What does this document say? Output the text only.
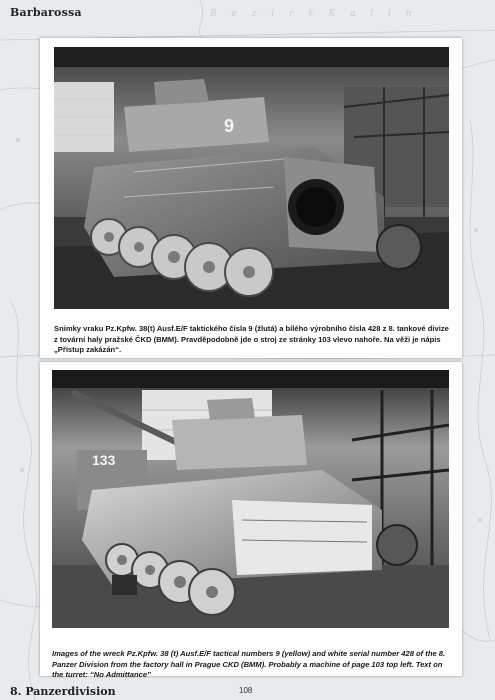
B e z i r k K a l i n
Barbarossa
9
Snímky vraku Pz.Kpfw. 38(t) Ausf.E/F taktického čísla 9 (žlutá) a bílého výrobního čísla 428 z 8. tankové divize z tovární haly pražské ČKD (BMM). Pravděpodobně jde o stroj ze stránky 103 vlevo nahoře. Na věži je nápis „Přístup zakázán“.
133
Images of the wreck Pz.Kpfw. 38 (t) Ausf.E/F tactical numbers 9 (yellow) and white serial number 428 of the 8. Panzer Division from the factory hall in Prague CKD (BMM). Probably a machine of page 103 top left. Text on the turret: “No Admittance”
8. Panzerdivision	108
